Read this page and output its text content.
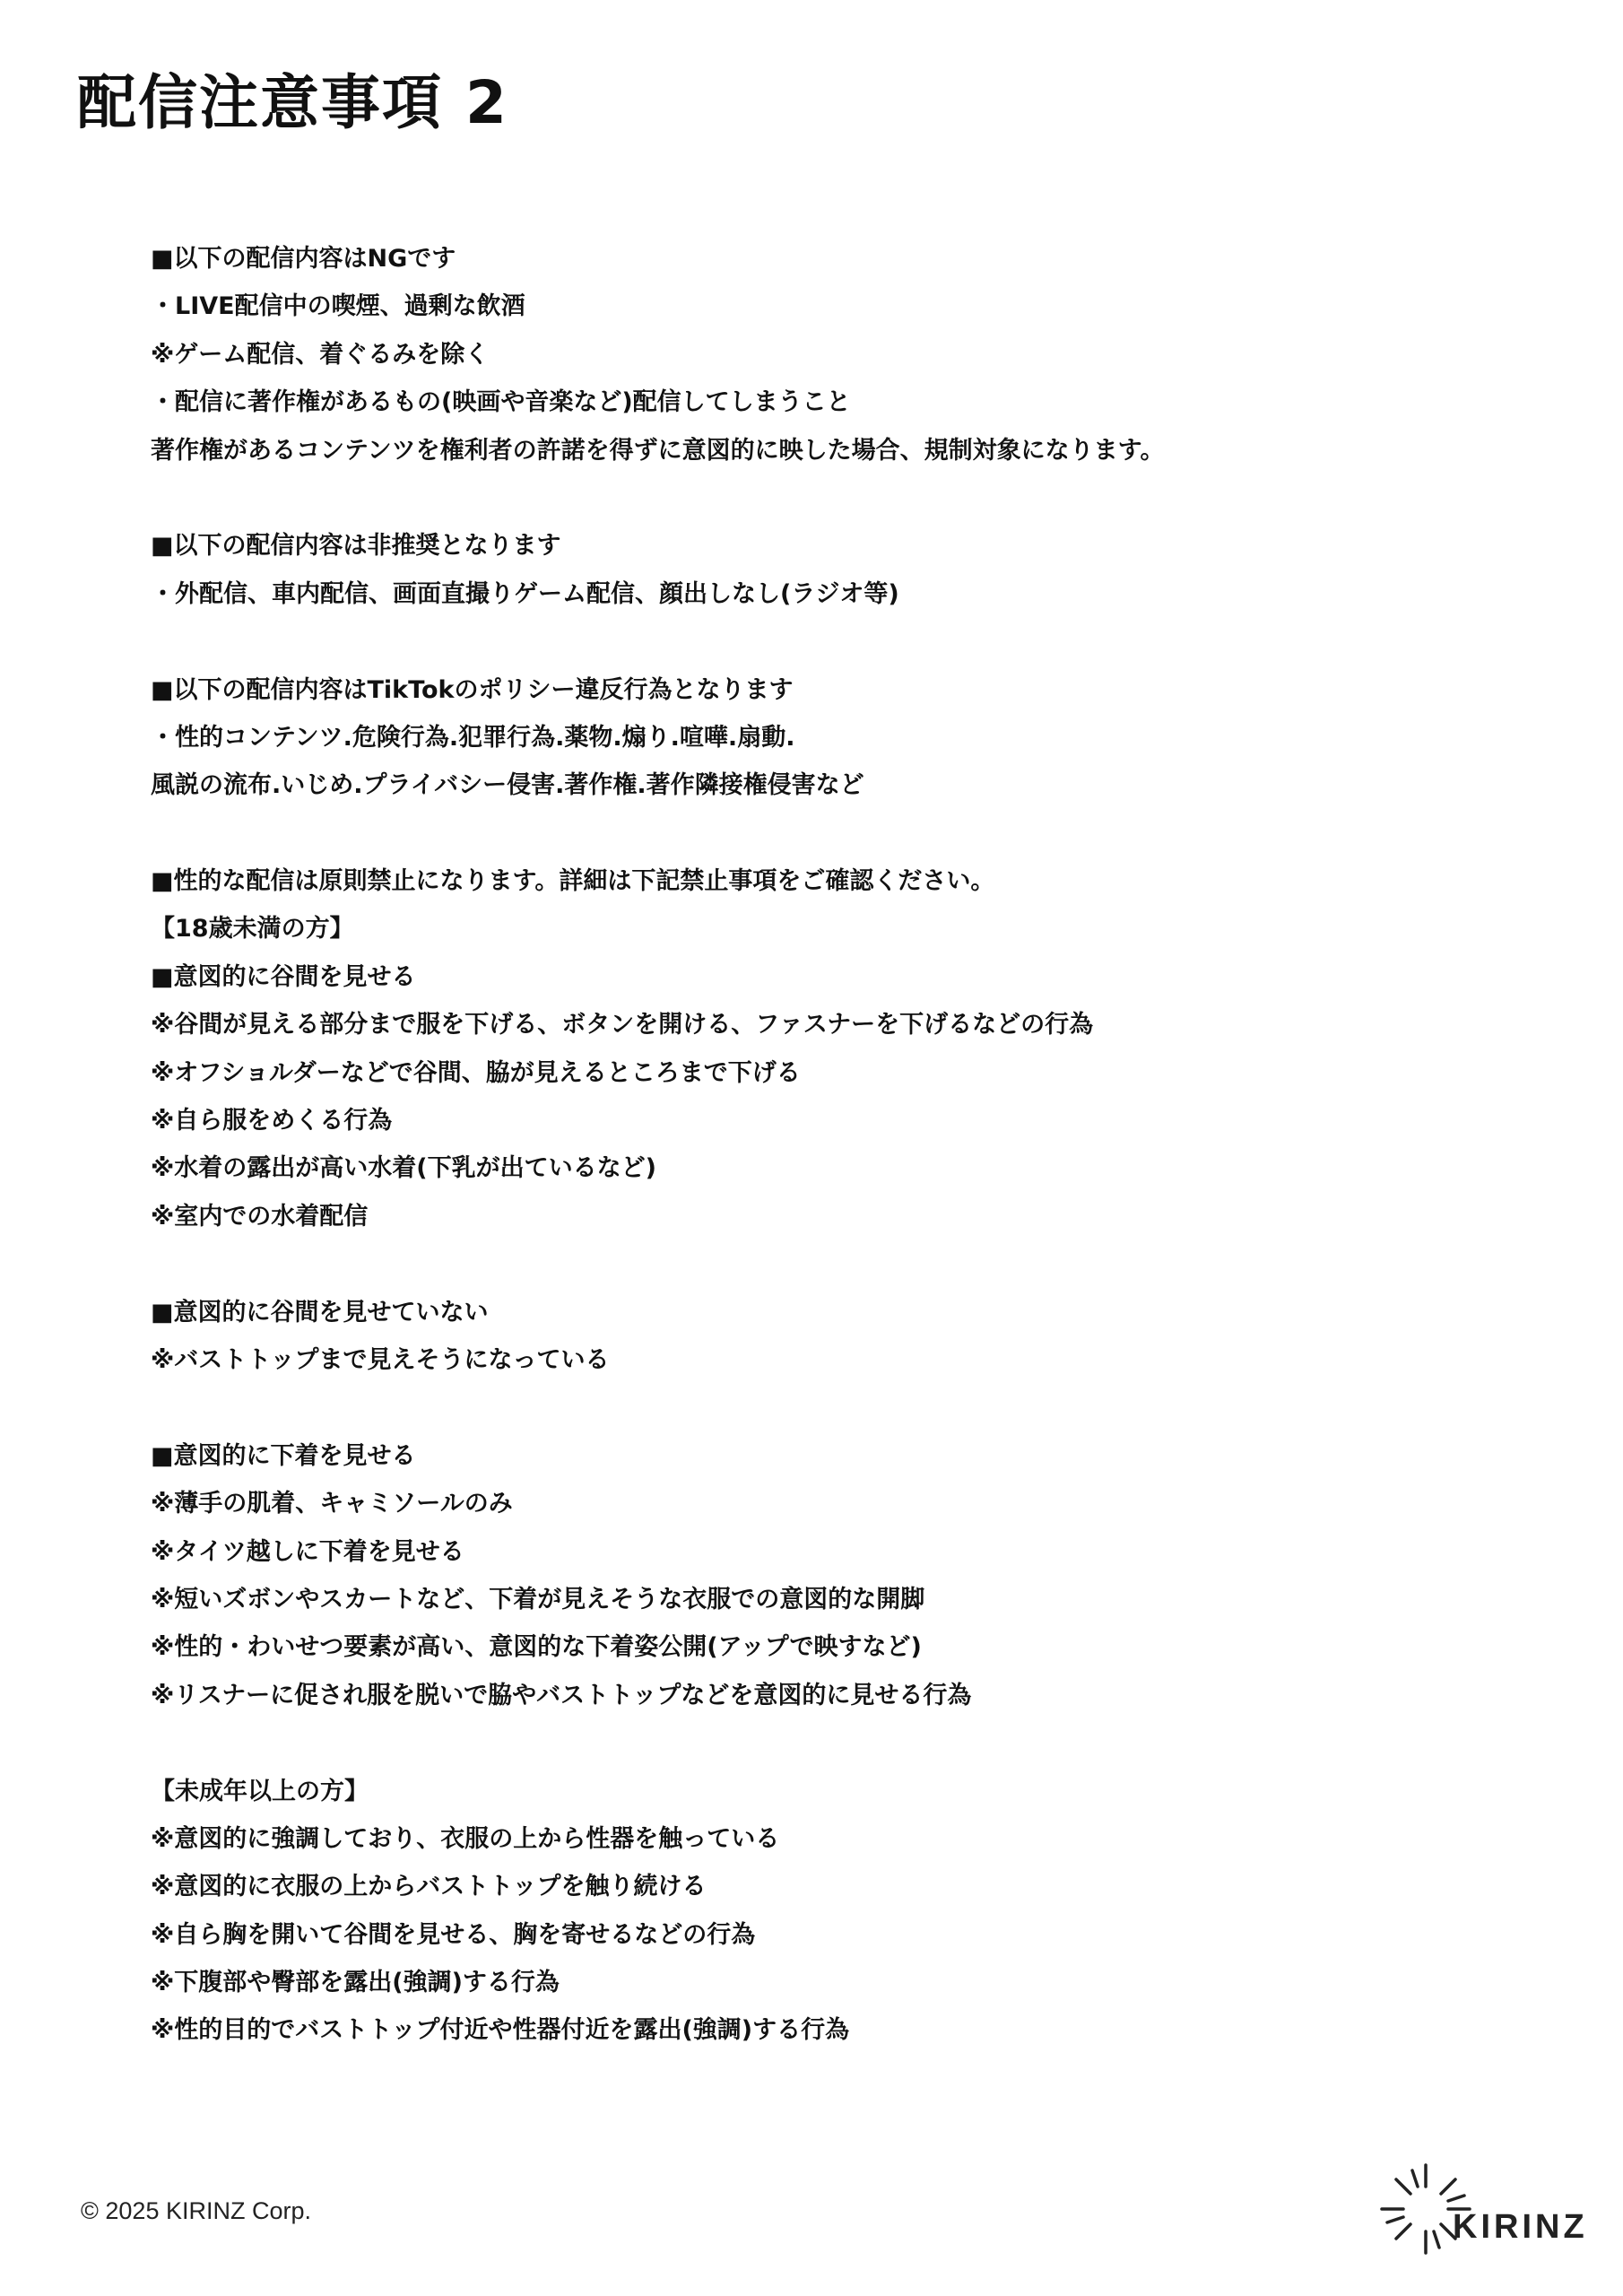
配信注意事項 2
■以下の配信内容はNGです
・LIVE配信中の喫煙、過剰な飲酒
※ゲーム配信、着ぐるみを除く
・配信に著作権があるもの(映画や音楽など)配信してしまうこと
著作権があるコンテンツを権利者の許諾を得ずに意図的に映した場合、規制対象になります。
■以下の配信内容は非推奨となります
・外配信、車内配信、画面直撮りゲーム配信、顔出しなし(ラジオ等)
■以下の配信内容はTikTokのポリシー違反行為となります
・性的コンテンツ.危険行為.犯罪行為.薬物.煽り.喧嘩.扇動.
風説の流布.いじめ.プライバシー侵害.著作権.著作隣接権侵害など
■性的な配信は原則禁止になります。詳細は下記禁止事項をご確認ください。
【18歳未満の方】
■意図的に谷間を見せる
※谷間が見える部分まで服を下げる、ボタンを開ける、ファスナーを下げるなどの行為
※オフショルダーなどで谷間、脇が見えるところまで下げる
※自ら服をめくる行為
※水着の露出が高い水着(下乳が出ているなど)
※室内での水着配信
■意図的に谷間を見せていない
※バストトップまで見えそうになっている
■意図的に下着を見せる
※薄手の肌着、キャミソールのみ
※タイツ越しに下着を見せる
※短いズボンやスカートなど、下着が見えそうな衣服での意図的な開脚
※性的・わいせつ要素が高い、意図的な下着姿公開(アップで映すなど)
※リスナーに促され服を脱いで脇やバストトップなどを意図的に見せる行為
【未成年以上の方】
※意図的に強調しており、衣服の上から性器を触っている
※意図的に衣服の上からバストトップを触り続ける
※自ら胸を開いて谷間を見せる、胸を寄せるなどの行為
※下腹部や臀部を露出(強調)する行為
※性的目的でバストトップ付近や性器付近を露出(強調)する行為
© 2025 KIRINZ Corp.	KIRINZ
